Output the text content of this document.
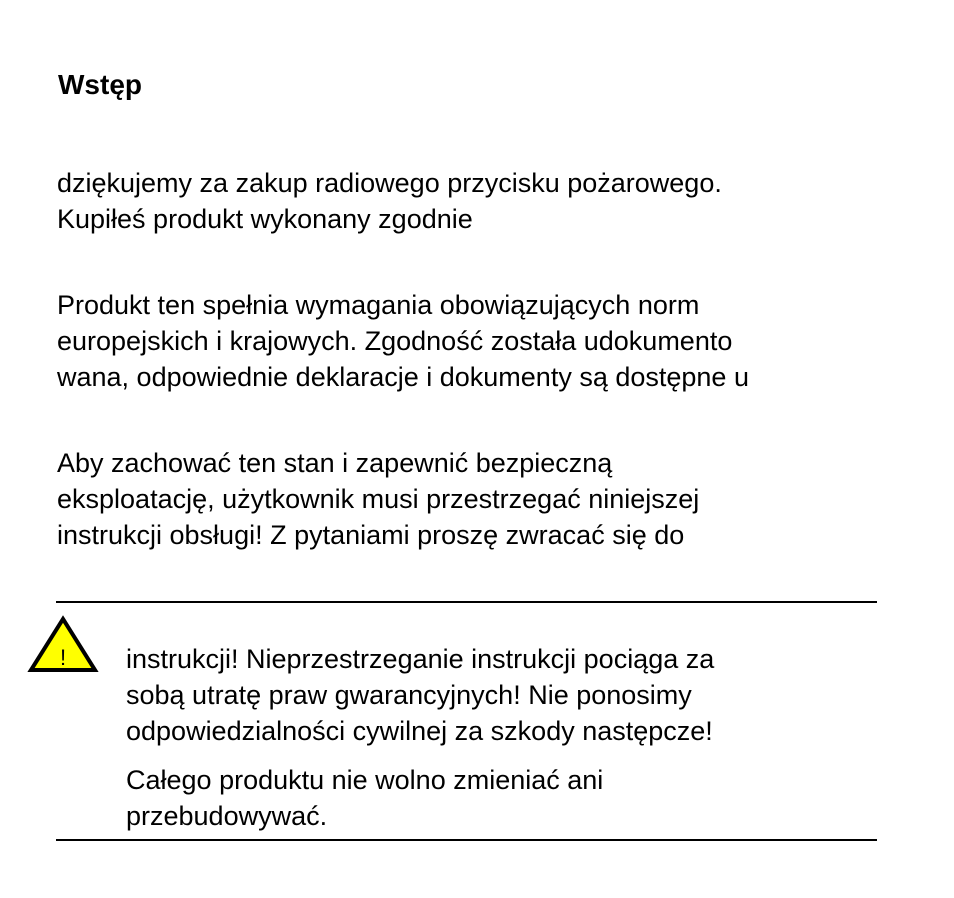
Wstęp

dziękujemy za zakup radiowego przycisku pożarowego.
Kupiłeś produkt wykonany zgodnie

Produkt ten spełnia wymagania obowiązujących norm
europejskich i krajowych. Zgodność została udokumento
wana, odpowiednie deklaracje i dokumenty są dostępne u

Aby zachować ten stan i zapewnić bezpieczną
eksploatację, użytkownik musi przestrzegać niniejszej
instrukcji obsługi! Z pytaniami proszę zwracać się do

! instrukcji! Nieprzestrzeganie instrukcji pociąga za
sobą utratę praw gwarancyjnych! Nie ponosimy
odpowiedzialności cywilnej za szkody następcze!

Całego produktu nie wolno zmieniać ani
przebudowywać.
